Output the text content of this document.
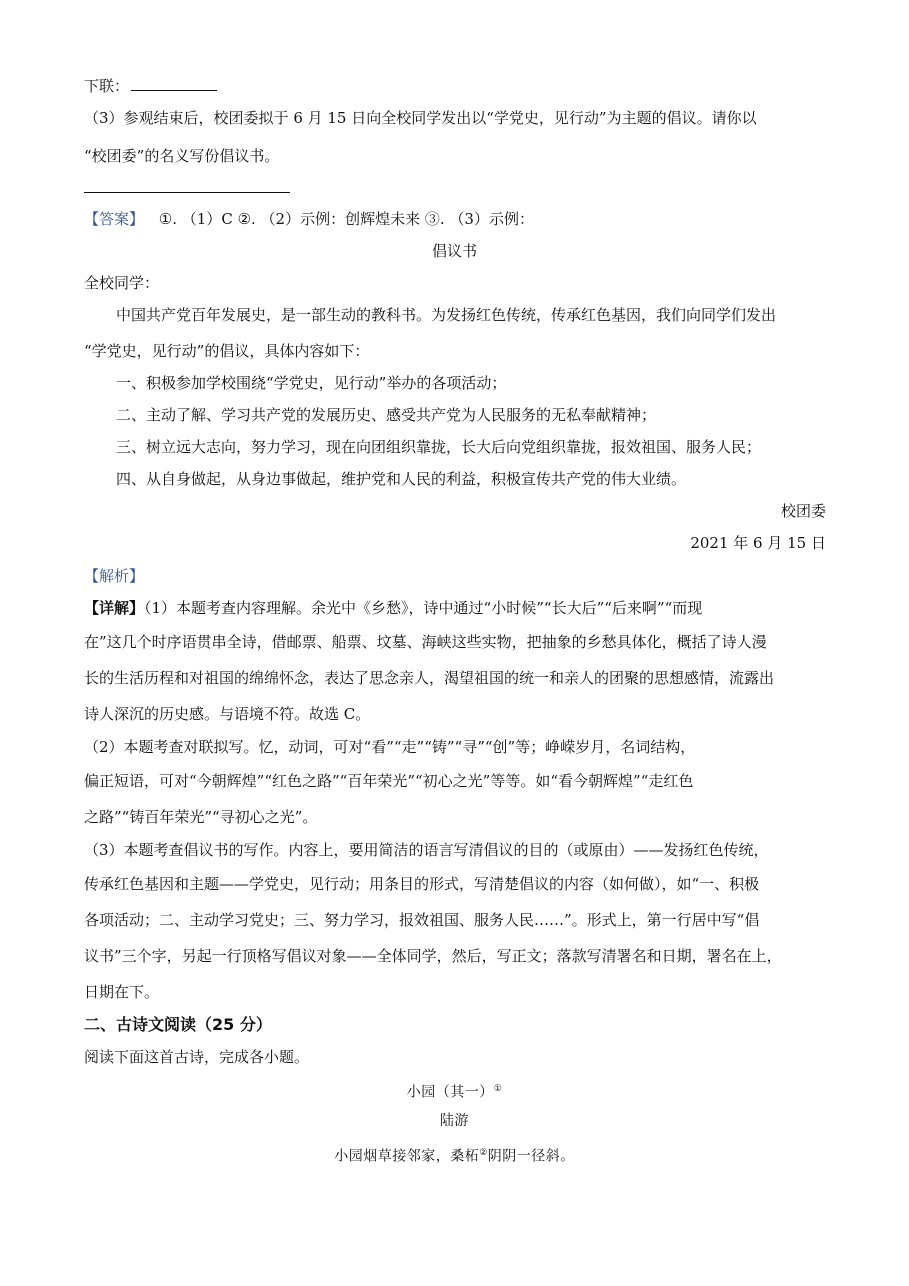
下联：
（3）参观结束后，校团委拟于 6 月 15 日向全校同学发出以“学党史，见行动”为主题的倡议。请你以
“校团委”的名义写份倡议书。
【答案】 ①. （1）C ②. （2）示例：创辉煌未来 ③. （3）示例：
倡议书
全校同学：
中国共产党百年发展史，是一部生动的教科书。为发扬红色传统，传承红色基因，我们向同学们发出
“学党史，见行动”的倡议，具体内容如下：
一、积极参加学校围绕“学党史，见行动”举办的各项活动；
二、主动了解、学习共产党的发展历史、感受共产党为人民服务的无私奉献精神；
三、树立远大志向，努力学习，现在向团组织靠拢，长大后向党组织靠拢，报效祖国、服务人民；
四、从自身做起，从身边事做起，维护党和人民的利益，积极宣传共产党的伟大业绩。
校团委
2021 年 6 月 15 日
【解析】
【详解】（1）本题考查内容理解。余光中《乡愁》，诗中通过“小时候”“长大后”“后来啊”“而现
在”这几个时序语贯串全诗，借邮票、船票、坟墓、海峡这些实物，把抽象的乡愁具体化，概括了诗人漫
长的生活历程和对祖国的绵绵怀念，表达了思念亲人，渴望祖国的统一和亲人的团聚的思想感情，流露出
诗人深沉的历史感。与语境不符。故选 C。
（2）本题考查对联拟写。忆，动词，可对“看”“走”“铸”“寻”“创”等；峥嵘岁月，名词结构，
偏正短语，可对“今朝辉煌”“红色之路”“百年荣光”“初心之光”等等。如“看今朝辉煌”“走红色
之路”“铸百年荣光”“寻初心之光”。
（3）本题考查倡议书的写作。内容上，要用简洁的语言写清倡议的目的（或原由）——发扬红色传统，
传承红色基因和主题——学党史，见行动；用条目的形式，写清楚倡议的内容（如何做），如“一、积极
各项活动；二、主动学习党史；三、努力学习，报效祖国、服务人民……”。形式上，第一行居中写“倡
议书”三个字，另起一行顶格写倡议对象——全体同学，然后，写正文；落款写清署名和日期，署名在上，
日期在下。
二、古诗文阅读（25 分）
阅读下面这首古诗，完成各小题。
小园（其一）①
陆游
小园烟草接邻家，桑柘②阴阴一径斜。
